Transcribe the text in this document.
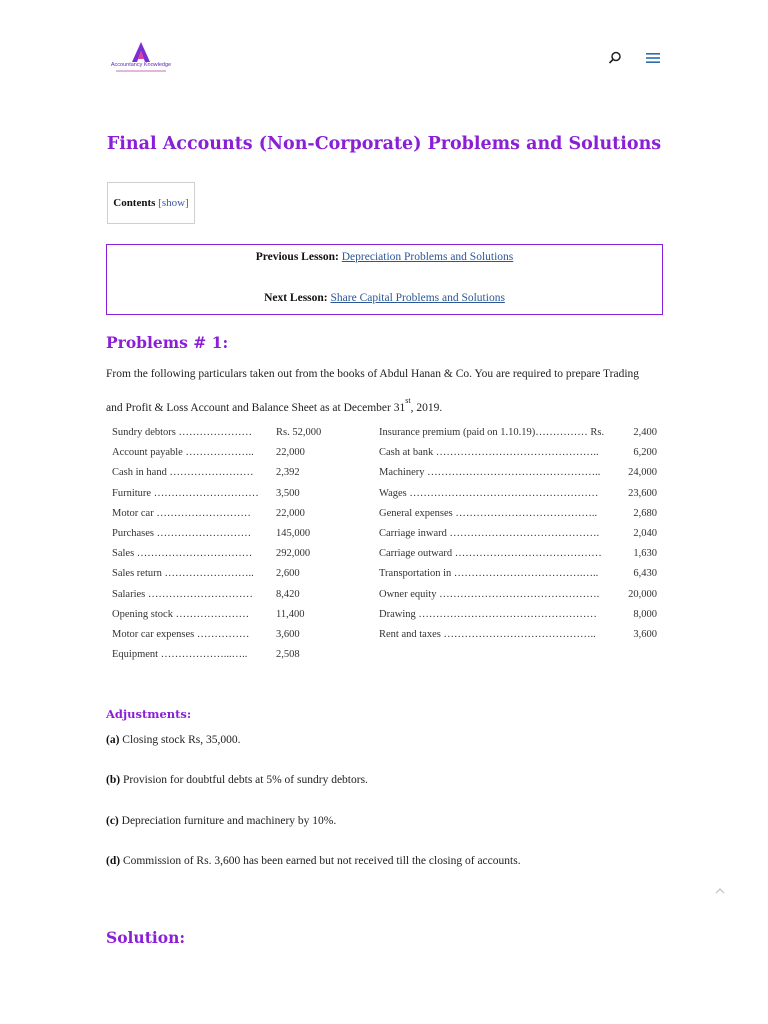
Accountancy Knowledge
Final Accounts (Non-Corporate) Problems and Solutions
Contents [show]
Previous Lesson: Depreciation Problems and Solutions
Next Lesson: Share Capital Problems and Solutions
Problems # 1:
From the following particulars taken out from the books of Abdul Hanan & Co. You are required to prepare Trading
and Profit & Loss Account and Balance Sheet as at December 31st, 2019.
Sundry debtors ………………… Rs. 52,000
Account payable ……………….. 22,000
Cash in hand …………………… 2,392
Furniture ………………………… 3,500
Motor car ……………………… 22,000
Purchases ……………………… 145,000
Sales …………………………… 292,000
Sales return …………………….. 2,600
Salaries ………………………… 8,420
Opening stock …………………	11,400
Motor car expenses ……………	3,600
Equipment ………………...…..	2,508
Insurance premium (paid on 1.10.19)…………… Rs.	2,400
Cash at bank ………………………………………..	6,200
Machinery …………………………………………..	24,000
Wages ………………………………………………	23,600
General expenses …………………………………..	2,680
Carriage inward …………………………………….	2,040
Carriage outward ……………………………………	1,630
Transportation in ……………………………….…..	6,430
Owner equity ……………………………………….	20,000
Drawing ……………………………………………	8,000
Rent and taxes ……………………………………..	3,600
Adjustments:
(a) Closing stock Rs, 35,000.
(b) Provision for doubtful debts at 5% of sundry debtors.
(c) Depreciation furniture and machinery by 10%.
(d) Commission of Rs. 3,600 has been earned but not received till the closing of accounts.
Solution:
